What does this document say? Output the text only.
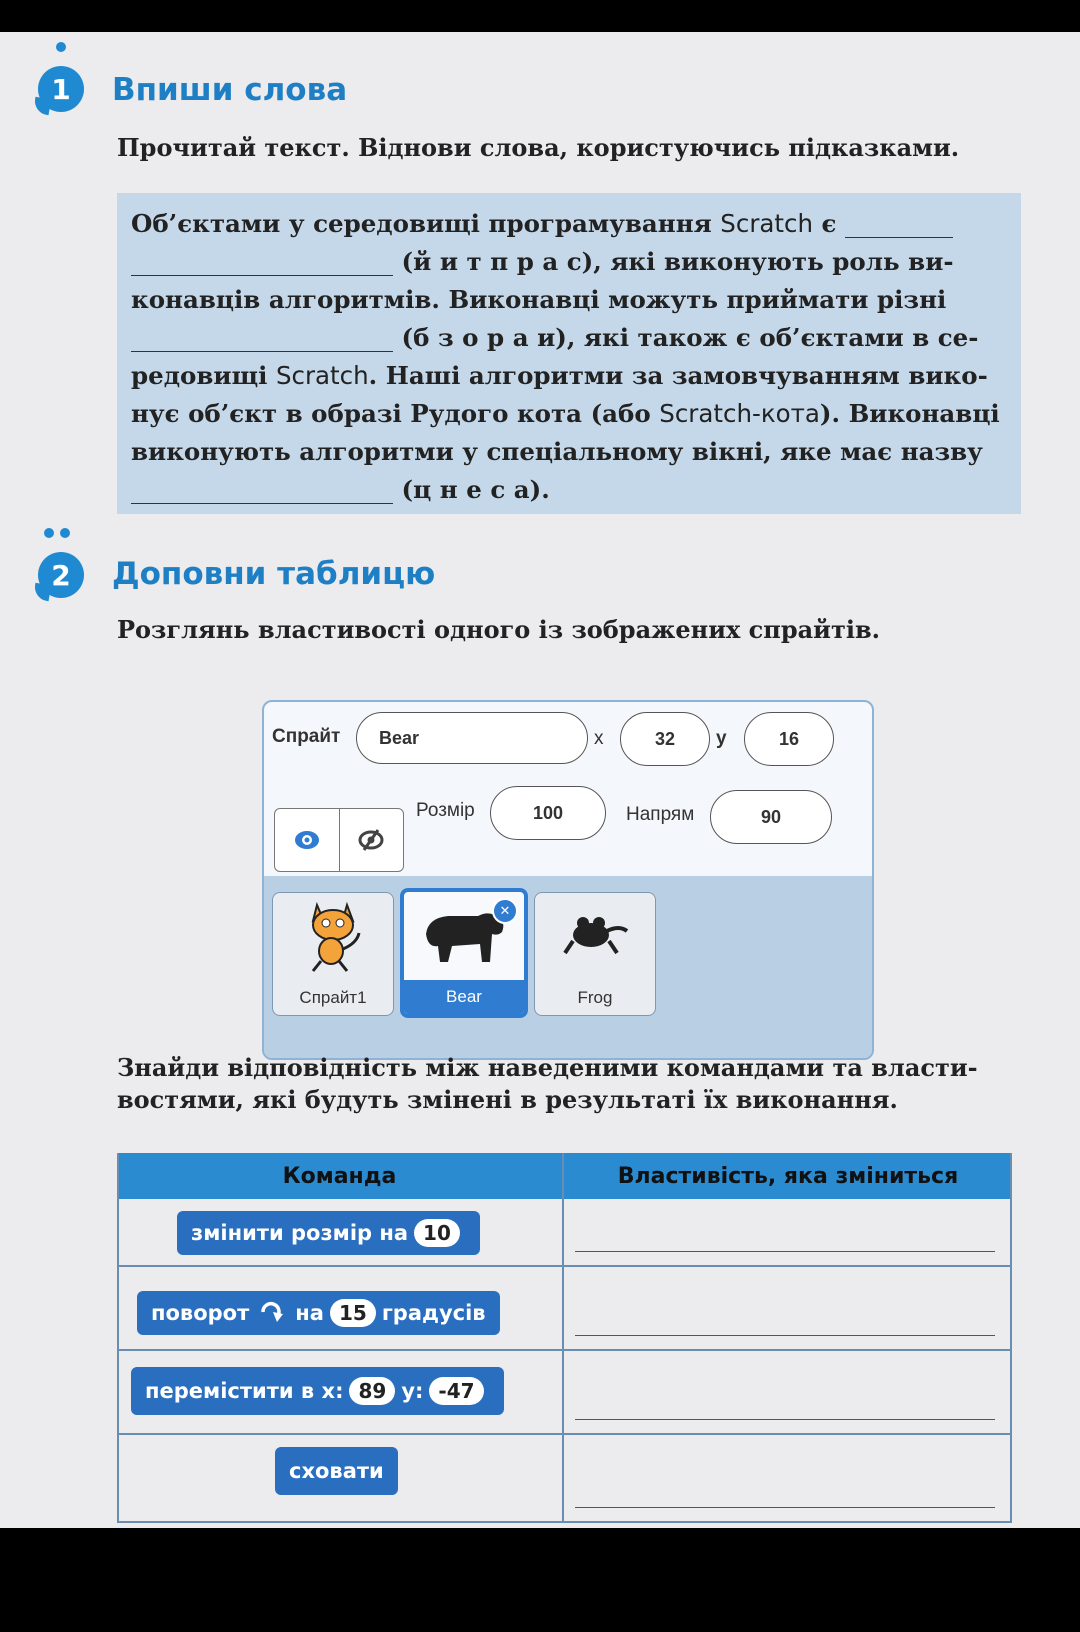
1	Впиши слова
Прочитай текст. Віднови слова, користуючись підказками.
Об’єктами у середовищі програмування Scratch є
(й и т п р а с), які виконують роль ви-
конавців алгоритмів. Виконавці можуть приймати різні
(б з о р а и), які також є об’єктами в се-
редовищі Scratch. Наші алгоритми за замовчуванням вико-
нує об’єкт в образі Рудого кота (або Scratch-кота). Виконавці
виконують алгоритми у спеціальному вікні, яке має назву
(ц н е с а).
2	Доповни таблицю
Розглянь властивості одного із зображених спрайтів.
Спрайт Bear	x	32 y	16
Розмір	100	Напрям	90
Спрайт1
✕
Bear	Frog
Знайди відповідність між наведеними командами та власти-
востями, які будуть змінені в результаті їх виконання.
Команда	Властивість, яка зміниться
змінити розмір на 10
поворот на 15 градусів
перемістити в x: 89 y: -47
сховати
